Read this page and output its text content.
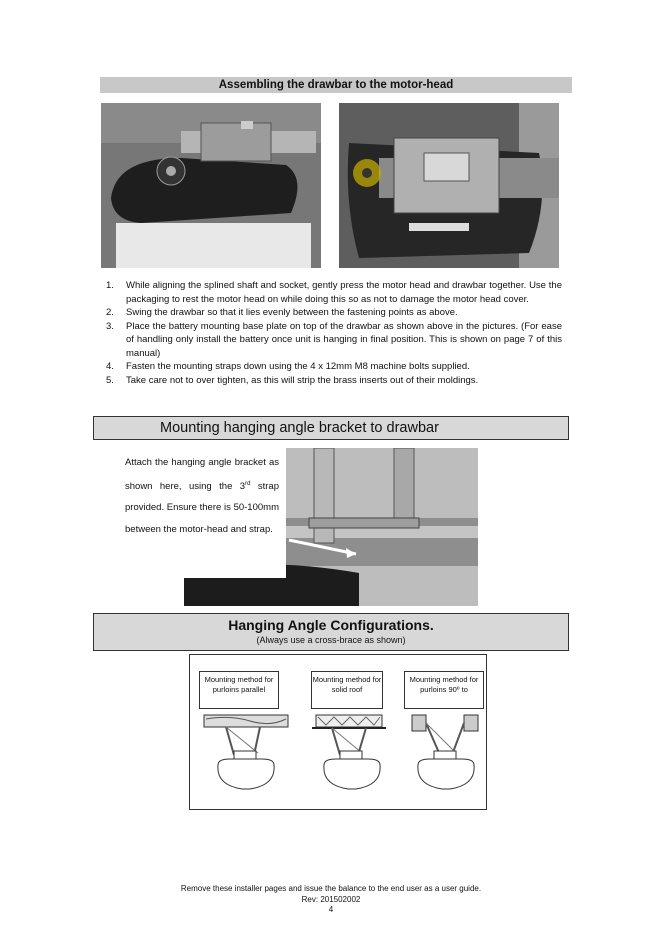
Assembling the drawbar to the motor-head
1. While aligning the splined shaft and socket, gently press the motor head and drawbar together. Use the packaging to rest the motor head on while doing this so as not to damage the motor head cover.
2. Swing the drawbar so that it lies evenly between the fastening points as above.
3. Place the battery mounting base plate on top of the drawbar as shown above in the pictures. (For ease of handling only install the battery once unit is hanging in final position. This is shown on page 7 of this manual)
4. Fasten the mounting straps down using the 4 x 12mm M8 machine bolts supplied.
5. Take care not to over tighten, as this will strip the brass inserts out of their moldings.
Mounting hanging angle bracket to drawbar
Attach the hanging angle bracket as shown here, using the 3rd strap provided. Ensure there is 50-100mm between the motor-head and strap.
Hanging Angle Configurations.
(Always use a cross-brace as shown)
Mounting method for purloins parallel
Mounting method for solid roof
Mounting method for purloins 90º to
Remove these installer pages and issue the balance to the end user as a user guide.
Rev: 201502002
4
